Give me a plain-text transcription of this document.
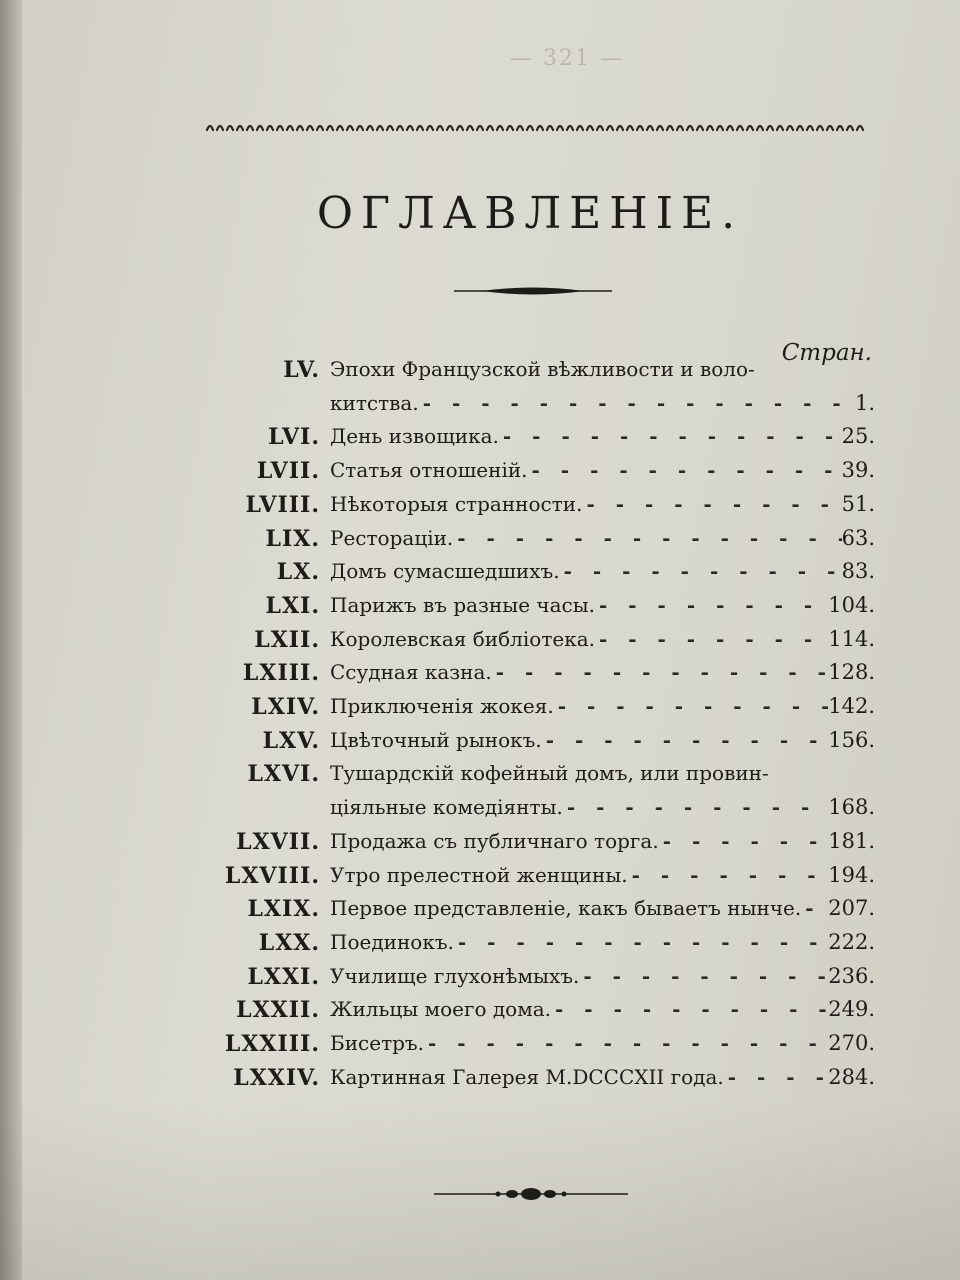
— 321 —
ОГЛАВЛЕНІЕ.
Стран.
LV. Эпохи Французской вѣжливости и воло-
китства. - - -	1.
LVI. День извощика. - - -	25.
LVII. Статья отношеній. - - -	39.
LVIII. Нѣкоторыя странности. - - -	51.
LIX. Ресторацiи. - - -	63.
LX. Домъ сумасшедшихъ. - - -	83.
LXI. Парижъ въ разные часы. - - -	104.
LXII. Королевская библіотека. - - -	114.
LXIII. Ссудная казна. - - -	128.
LXIV. Приключенія жокея. - - -	142.
LXV. Цвѣточный рынокъ. - - -	156.
LXVI. Тушардскій кофейный домъ, или провин-
ціяльные комедіянты. - - -	168.
LXVII. Продажа съ публичнаго торга. - - -	181.
LXVIII. Утро прелестной женщины. - - -	194.
LXIX. Первое представленіе, какъ бываетъ нынче. - - - 207.
LXX. Поединокъ. - - -	222.
LXXI. Училище глухонѣмыхъ. - - -	236.
LXXII. Жильцы моего дома. - - -	249.
LXXIII. Бисетръ. - - -	270.
LXXIV. Картинная Галерея M.DCCCXII года. - - -	284.
